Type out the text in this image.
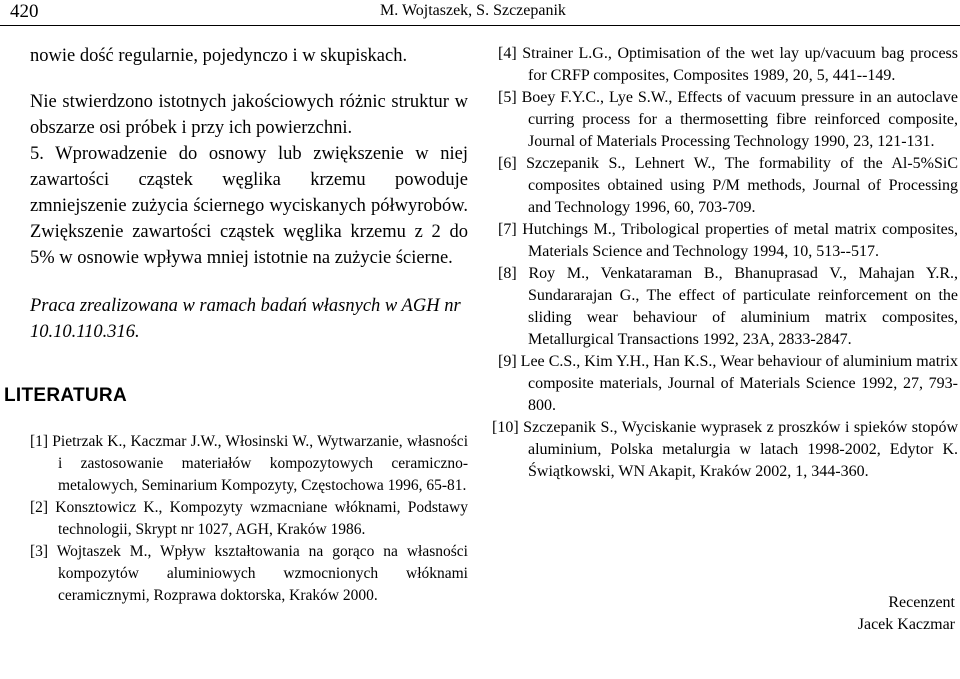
420	M. Wojtaszek, S. Szczepanik

nowie dość regularnie, pojedynczo i w skupiskach.

Nie stwierdzono istotnych jakościowych różnic struktur w obszarze osi próbek i przy ich powierzchni.

5. Wprowadzenie do osnowy lub zwiększenie w niej zawartości cząstek węglika krzemu powoduje zmniejszenie zużycia ściernego wyciskanych półwyrobów. Zwiększenie zawartości cząstek węglika krzemu z 2 do 5% w osnowie wpływa mniej istotnie na zużycie ścierne.

Praca zrealizowana w ramach badań własnych w AGH nr 10.10.110.316.

LITERATURA

[1] Pietrzak K., Kaczmar J.W., Włosinski W., Wytwarzanie, własności i zastosowanie materiałów kompozytowych ceramiczno-metalowych, Seminarium Kompozyty, Częstochowa 1996, 65-81.

[2] Konsztowicz K., Kompozyty wzmacniane włóknami, Podstawy technologii, Skrypt nr 1027, AGH, Kraków 1986.

[3] Wojtaszek M., Wpływ kształtowania na gorąco na własności kompozytów aluminiowych wzmocnionych włóknami ceramicznymi, Rozprawa doktorska, Kraków 2000.

[4] Strainer L.G., Optimisation of the wet lay up/vacuum bag process for CRFP composites, Composites 1989, 20, 5, 441--149.

[5] Boey F.Y.C., Lye S.W., Effects of vacuum pressure in an autoclave curring process for a thermosetting fibre reinforced composite, Journal of Materials Processing Technology 1990, 23, 121-131.

[6] Szczepanik S., Lehnert W., The formability of the Al-5%SiC composites obtained using P/M methods, Journal of Processing and Technology 1996, 60, 703-709.

[7] Hutchings M., Tribological properties of metal matrix composites, Materials Science and Technology 1994, 10, 513--517.

[8] Roy M., Venkataraman B., Bhanuprasad V., Mahajan Y.R., Sundararajan G., The effect of particulate reinforcement on the sliding wear behaviour of aluminium matrix composites, Metallurgical Transactions 1992, 23A, 2833-2847.

[9] Lee C.S., Kim Y.H., Han K.S., Wear behaviour of aluminium matrix composite materials, Journal of Materials Science 1992, 27, 793-800.

[10] Szczepanik S., Wyciskanie wyprasek z proszków i spieków stopów aluminium, Polska metalurgia w latach 1998-2002, Edytor K. Świątkowski, WN Akapit, Kraków 2002, 1, 344-360.

Recenzent
Jacek Kaczmar
